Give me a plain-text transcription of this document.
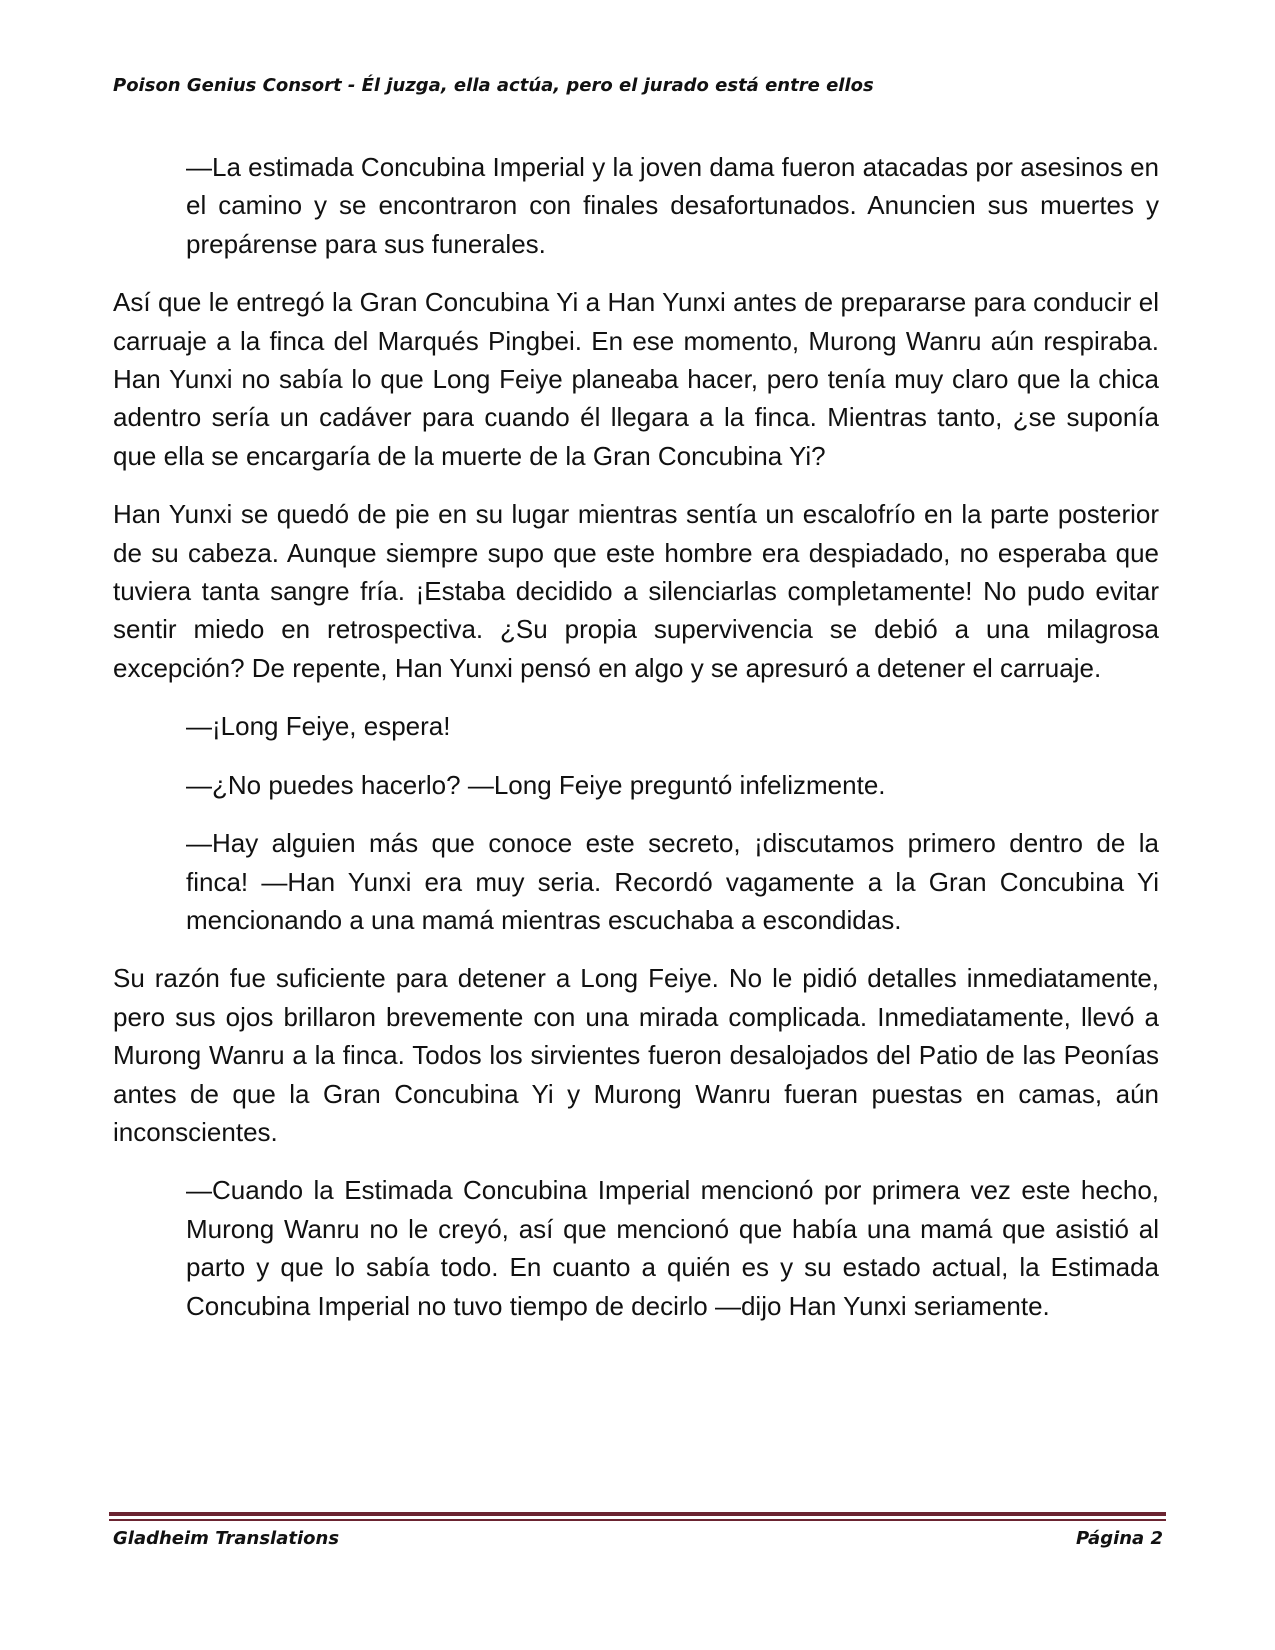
Poison Genius Consort - Él juzga, ella actúa, pero el jurado está entre ellos

—La estimada Concubina Imperial y la joven dama fueron atacadas por asesinos en el camino y se encontraron con finales desafortunados. Anuncien sus muertes y prepárense para sus funerales.

Así que le entregó la Gran Concubina Yi a Han Yunxi antes de prepararse para conducir el carruaje a la finca del Marqués Pingbei. En ese momento, Murong Wanru aún respiraba. Han Yunxi no sabía lo que Long Feiye planeaba hacer, pero tenía muy claro que la chica adentro sería un cadáver para cuando él llegara a la finca. Mientras tanto, ¿se suponía que ella se encargaría de la muerte de la Gran Concubina Yi?

Han Yunxi se quedó de pie en su lugar mientras sentía un escalofrío en la parte posterior de su cabeza. Aunque siempre supo que este hombre era despiadado, no esperaba que tuviera tanta sangre fría. ¡Estaba decidido a silenciarlas completamente! No pudo evitar sentir miedo en retrospectiva. ¿Su propia supervivencia se debió a una milagrosa excepción? De repente, Han Yunxi pensó en algo y se apresuró a detener el carruaje.

—¡Long Feiye, espera!

—¿No puedes hacerlo? —Long Feiye preguntó infelizmente.

—Hay alguien más que conoce este secreto, ¡discutamos primero dentro de la finca! —Han Yunxi era muy seria. Recordó vagamente a la Gran Concubina Yi mencionando a una mamá mientras escuchaba a escondidas.

Su razón fue suficiente para detener a Long Feiye. No le pidió detalles inmediatamente, pero sus ojos brillaron brevemente con una mirada complicada. Inmediatamente, llevó a Murong Wanru a la finca. Todos los sirvientes fueron desalojados del Patio de las Peonías antes de que la Gran Concubina Yi y Murong Wanru fueran puestas en camas, aún inconscientes.

—Cuando la Estimada Concubina Imperial mencionó por primera vez este hecho, Murong Wanru no le creyó, así que mencionó que había una mamá que asistió al parto y que lo sabía todo. En cuanto a quién es y su estado actual, la Estimada Concubina Imperial no tuvo tiempo de decirlo —dijo Han Yunxi seriamente.

Gladheim Translations	Página 2
